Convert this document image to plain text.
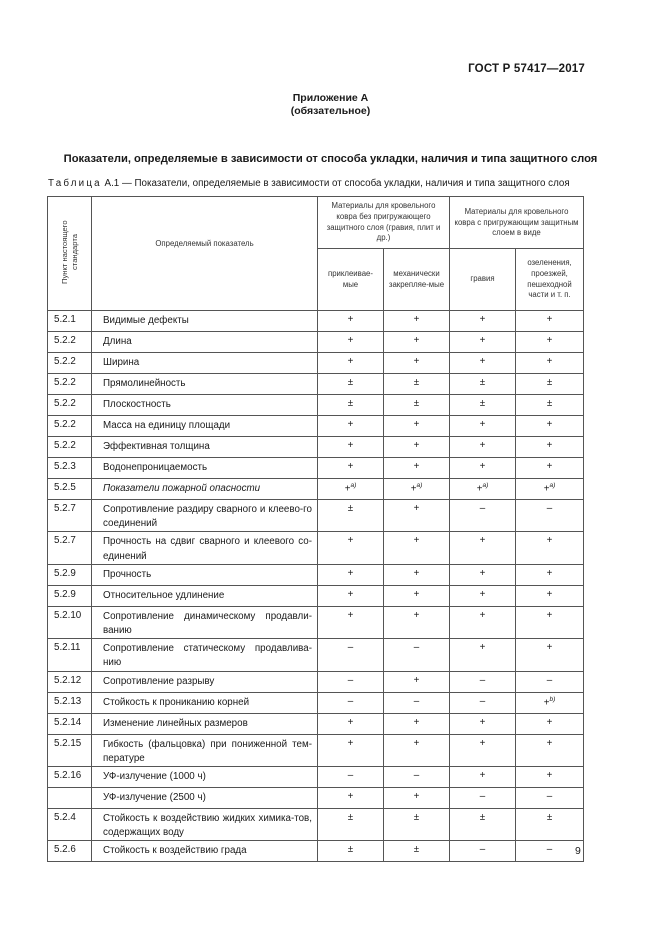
ГОСТ Р 57417—2017
Приложение А
(обязательное)
Показатели, определяемые в зависимости от способа укладки, наличия и типа защитного слоя
Таблица А.1 — Показатели, определяемые в зависимости от способа укладки, наличия и типа защитного слоя
Пункт настоящего стандарта	Определяемый показатель	Материалы для кровельного ковра без пригружающего защитного слоя (гравия, плит и др.)		Материалы для кровельного ковра с пригружающим защитным слоем в виде	
		приклеивае-мые	механически закрепляе-мые	гравия	озеленения, проезжей, пешеходной части и т. п.
5.2.1	Видимые дефекты	+	+	+	+
5.2.2	Длина	+	+	+	+
5.2.2	Ширина	+	+	+	+
5.2.2	Прямолинейность	±	±	±	±
5.2.2	Плоскостность	±	±	±	±
5.2.2	Масса на единицу площади	+	+	+	+
5.2.2	Эффективная толщина	+	+	+	+
5.2.3	Водонепроницаемость	+	+	+	+
5.2.5	Показатели пожарной опасности	+$^{a)}$	+$^{a)}$	+$^{a)}$	+$^{a)}$
5.2.7	Сопротивление раздиру сварного и клеево-го соединений	±	+	–	–
5.2.7	Прочность на сдвиг сварного и клеевого со-единений	+	+	+	+
5.2.9	Прочность	+	+	+	+
5.2.9	Относительное удлинение	+	+	+	+
5.2.10	Сопротивление динамическому продавли-ванию	+	+	+	+
5.2.11	Сопротивление статическому продавлива-нию	–	–	+	+
5.2.12	Сопротивление разрыву	–	+	–	–
5.2.13	Стойкость к прониканию корней	–	–	–	+$^{b)}$
5.2.14	Изменение линейных размеров	+	+	+	+
5.2.15	Гибкость (фальцовка) при пониженной тем-пературе	+	+	+	+
5.2.16	УФ-излучение (1000 ч)	–	–	+	+
	УФ-излучение (2500 ч)	+	+	–	–
5.2.4	Стойкость к воздействию жидких химика-тов, содержащих воду	±	±	±	±
5.2.6	Стойкость к воздействию града	±	±	–	– 9
